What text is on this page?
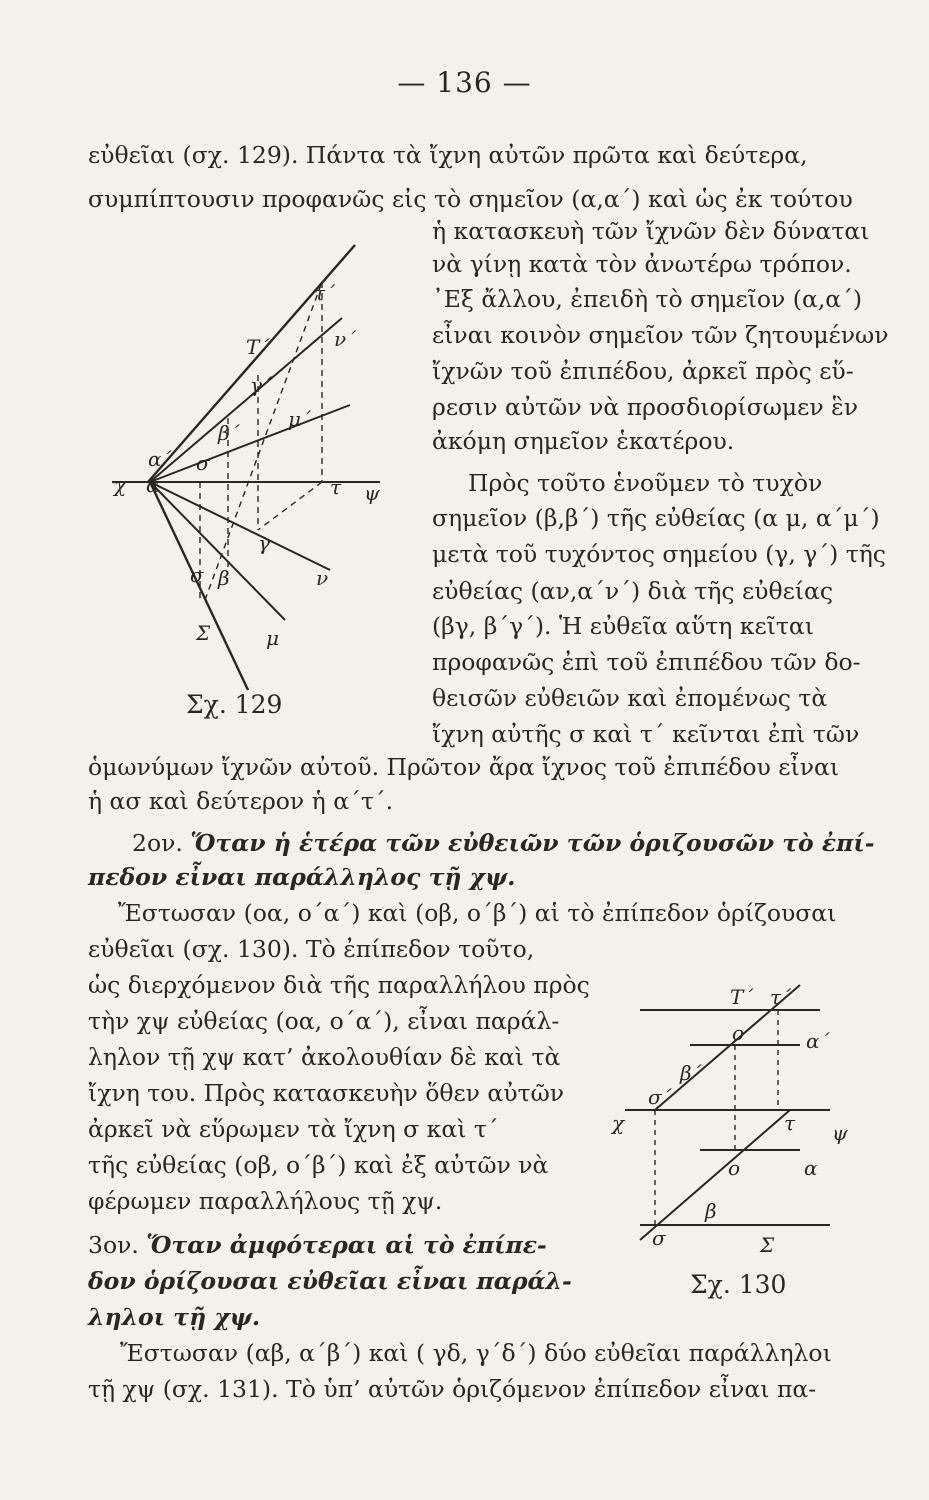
— 136 —

εὐθεῖαι (σχ. 129). Πάντα τὰ ἴχνη αὐτῶν πρῶτα καὶ δεύτερα,

συμπίπτουσιν προφανῶς εἰς τὸ σημεῖον (α,α΄) καὶ ὡς ἐκ τούτου

ἡ κατασκευὴ τῶν ἴχνῶν δὲν δύναται

νὰ γίνῃ κατὰ τὸν ἀνωτέρω τρόπον.

᾿Εξ ἄλλου, ἐπειδὴ τὸ σημεῖον (α,α΄)

εἶναι κοινὸν σημεῖον τῶν ζητουμένων

ἴχνῶν τοῦ ἐπιπέδου, ἀρκεῖ πρὸς εὕ-

ρεσιν αὐτῶν νὰ προσδιορίσωμεν ἓν

ἀκόμη σημεῖον ἑκατέρου.

Πρὸς τοῦτο ἑνοῦμεν τὸ τυχὸν

σημεῖον (β,β΄) τῆς εὐθείας (α μ, α΄μ΄)

μετὰ τοῦ τυχόντος σημείου (γ, γ΄) τῆς

εὐθείας (αν,α΄ν΄) διὰ τῆς εὐθείας

(βγ, β΄γ΄). Ἡ εὐθεῖα αὕτη κεῖται

προφανῶς ἐπὶ τοῦ ἐπιπέδου τῶν δο-

θεισῶν εὐθειῶν καὶ ἐπομένως τὰ

ἴχνη αὐτῆς σ καὶ τ΄ κεῖνται ἐπὶ τῶν

ὁμωνύμων ἴχνῶν αὐτοῦ. Πρῶτον ἄρα ἴχνος τοῦ ἐπιπέδου εἶναι

ἡ ασ καὶ δεύτερον ἡ α΄τ΄.

2ον. Ὅταν ἡ ἑτέρα τῶν εὐθειῶν τῶν ὁριζουσῶν τὸ ἐπί-

πεδον εἶναι παράλληλος τῇ χψ.

Ἔστωσαν (οα, ο΄α΄) καὶ (οβ, ο΄β΄) αἱ τὸ ἐπίπεδον ὁρίζουσαι

εὐθεῖαι (σχ. 130). Τὸ ἐπίπεδον τοῦτο,

ὡς διερχόμενον διὰ τῆς παραλλήλου πρὸς

τὴν χψ εὐθείας (οα, ο΄α΄), εἶναι παράλ-

ληλον τῇ χψ κατ’ ἀκολουθίαν δὲ καὶ τὰ

ἴχνη του. Πρὸς κατασκευὴν ὅθεν αὐτῶν

ἀρκεῖ νὰ εὕρωμεν τὰ ἴχνη σ καὶ τ΄

τῆς εὐθείας (οβ, ο΄β΄) καὶ ἐξ αὐτῶν νὰ

φέρωμεν παραλλήλους τῇ χψ.

3ον. Ὅταν ἀμφότεραι αἱ τὸ ἐπίπε-

δον ὁρίζουσαι εὐθεῖαι εἶναι παράλ-

ληλοι τῇ χψ.

Ἔστωσαν (αβ, α΄β΄) καὶ ( γδ, γ΄δ΄) δύο εὐθεῖαι παράλληλοι

τῇ χψ (σχ. 131). Τὸ ὑπ’ αὐτῶν ὁριζόμενον ἐπίπεδον εἶναι πα-

Τ΄
τ΄
ν΄
μ΄
γ΄
β΄
σ
α΄
χ α	τ ψ
γ
β
σ	ν
Σ	μ
Σχ. 129
Τ΄ τ΄
ο΄	α΄
β΄
σ΄
χ	τ ψ
ο	α
β
σ	Σ
Σχ. 130
